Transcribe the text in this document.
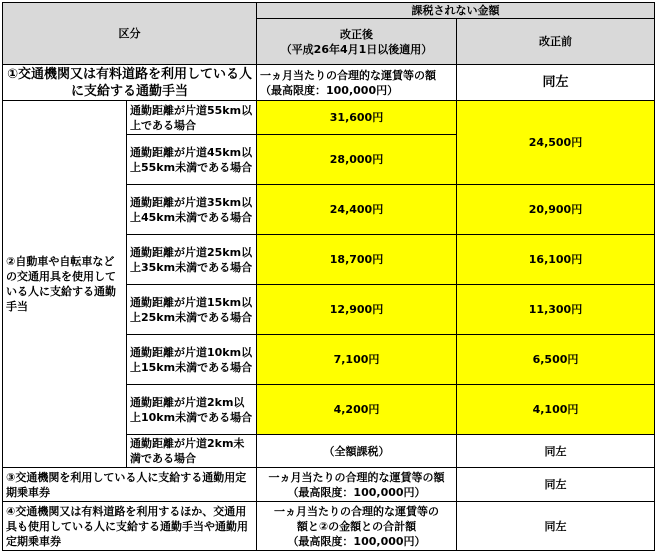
区分		課税されない金額	

		改正後
（平成26年4月1日以後適用）	改正前
①交通機関又は有料道路を利用している人に支給する通勤手当		一ヵ月当たりの合理的な運賃等の額（最高限度：100,000円）	同左
②自動車や自転車などの交通用具を使用している人に支給する通勤手当	通勤距離が片道55km以上である場合	31,600円	24,500円
	通勤距離が片道45km以上55km未満である場合	28,000円	
	通勤距離が片道35km以上45km未満である場合	24,400円	20,900円
	通勤距離が片道25km以上35km未満である場合	18,700円	16,100円
	通勤距離が片道15km以上25km未満である場合	12,900円	11,300円
	通勤距離が片道10km以上15km未満である場合	7,100円	6,500円
	通勤距離が片道2km以上10km未満である場合	4,200円	4,100円
	通勤距離が片道2km未満である場合	（全額課税）	同左
③交通機関を利用している人に支給する通勤用定期乗車券		一ヵ月当たりの合理的な運賃等の額（最高限度：100,000円）	同左
④交通機関又は有料道路を利用するほか、交通用具も使用している人に支給する通勤手当や通勤用定期乗車券		一ヵ月当たりの合理的な運賃等の
額と②の金額との合計額
（最高限度：100,000円）	同左
